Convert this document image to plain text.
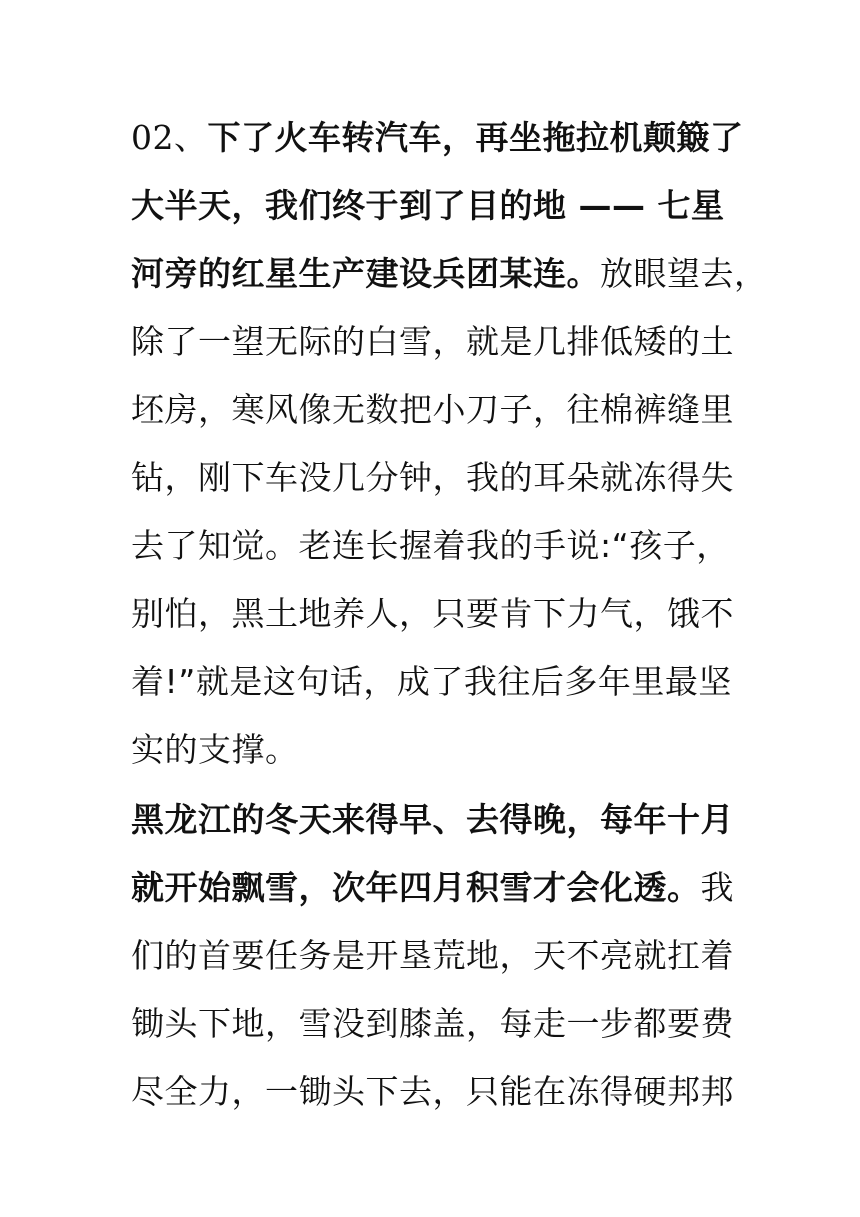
02、下了火车转汽车，再坐拖拉机颠簸了
大半天，我们终于到了目的地 —— 七星
河旁的红星生产建设兵团某连。放眼望去，
除了一望无际的白雪，就是几排低矮的土
坯房，寒风像无数把小刀子，往棉裤缝里
钻，刚下车没几分钟，我的耳朵就冻得失
去了知觉。老连长握着我的手说:“孩子，
别怕，黑土地养人，只要肯下力气，饿不
着!”就是这句话，成了我往后多年里最坚
实的支撑。
黑龙江的冬天来得早、去得晚，每年十月
就开始飘雪，次年四月积雪才会化透。我
们的首要任务是开垦荒地，天不亮就扛着
锄头下地，雪没到膝盖，每走一步都要费
尽全力，一锄头下去，只能在冻得硬邦邦
